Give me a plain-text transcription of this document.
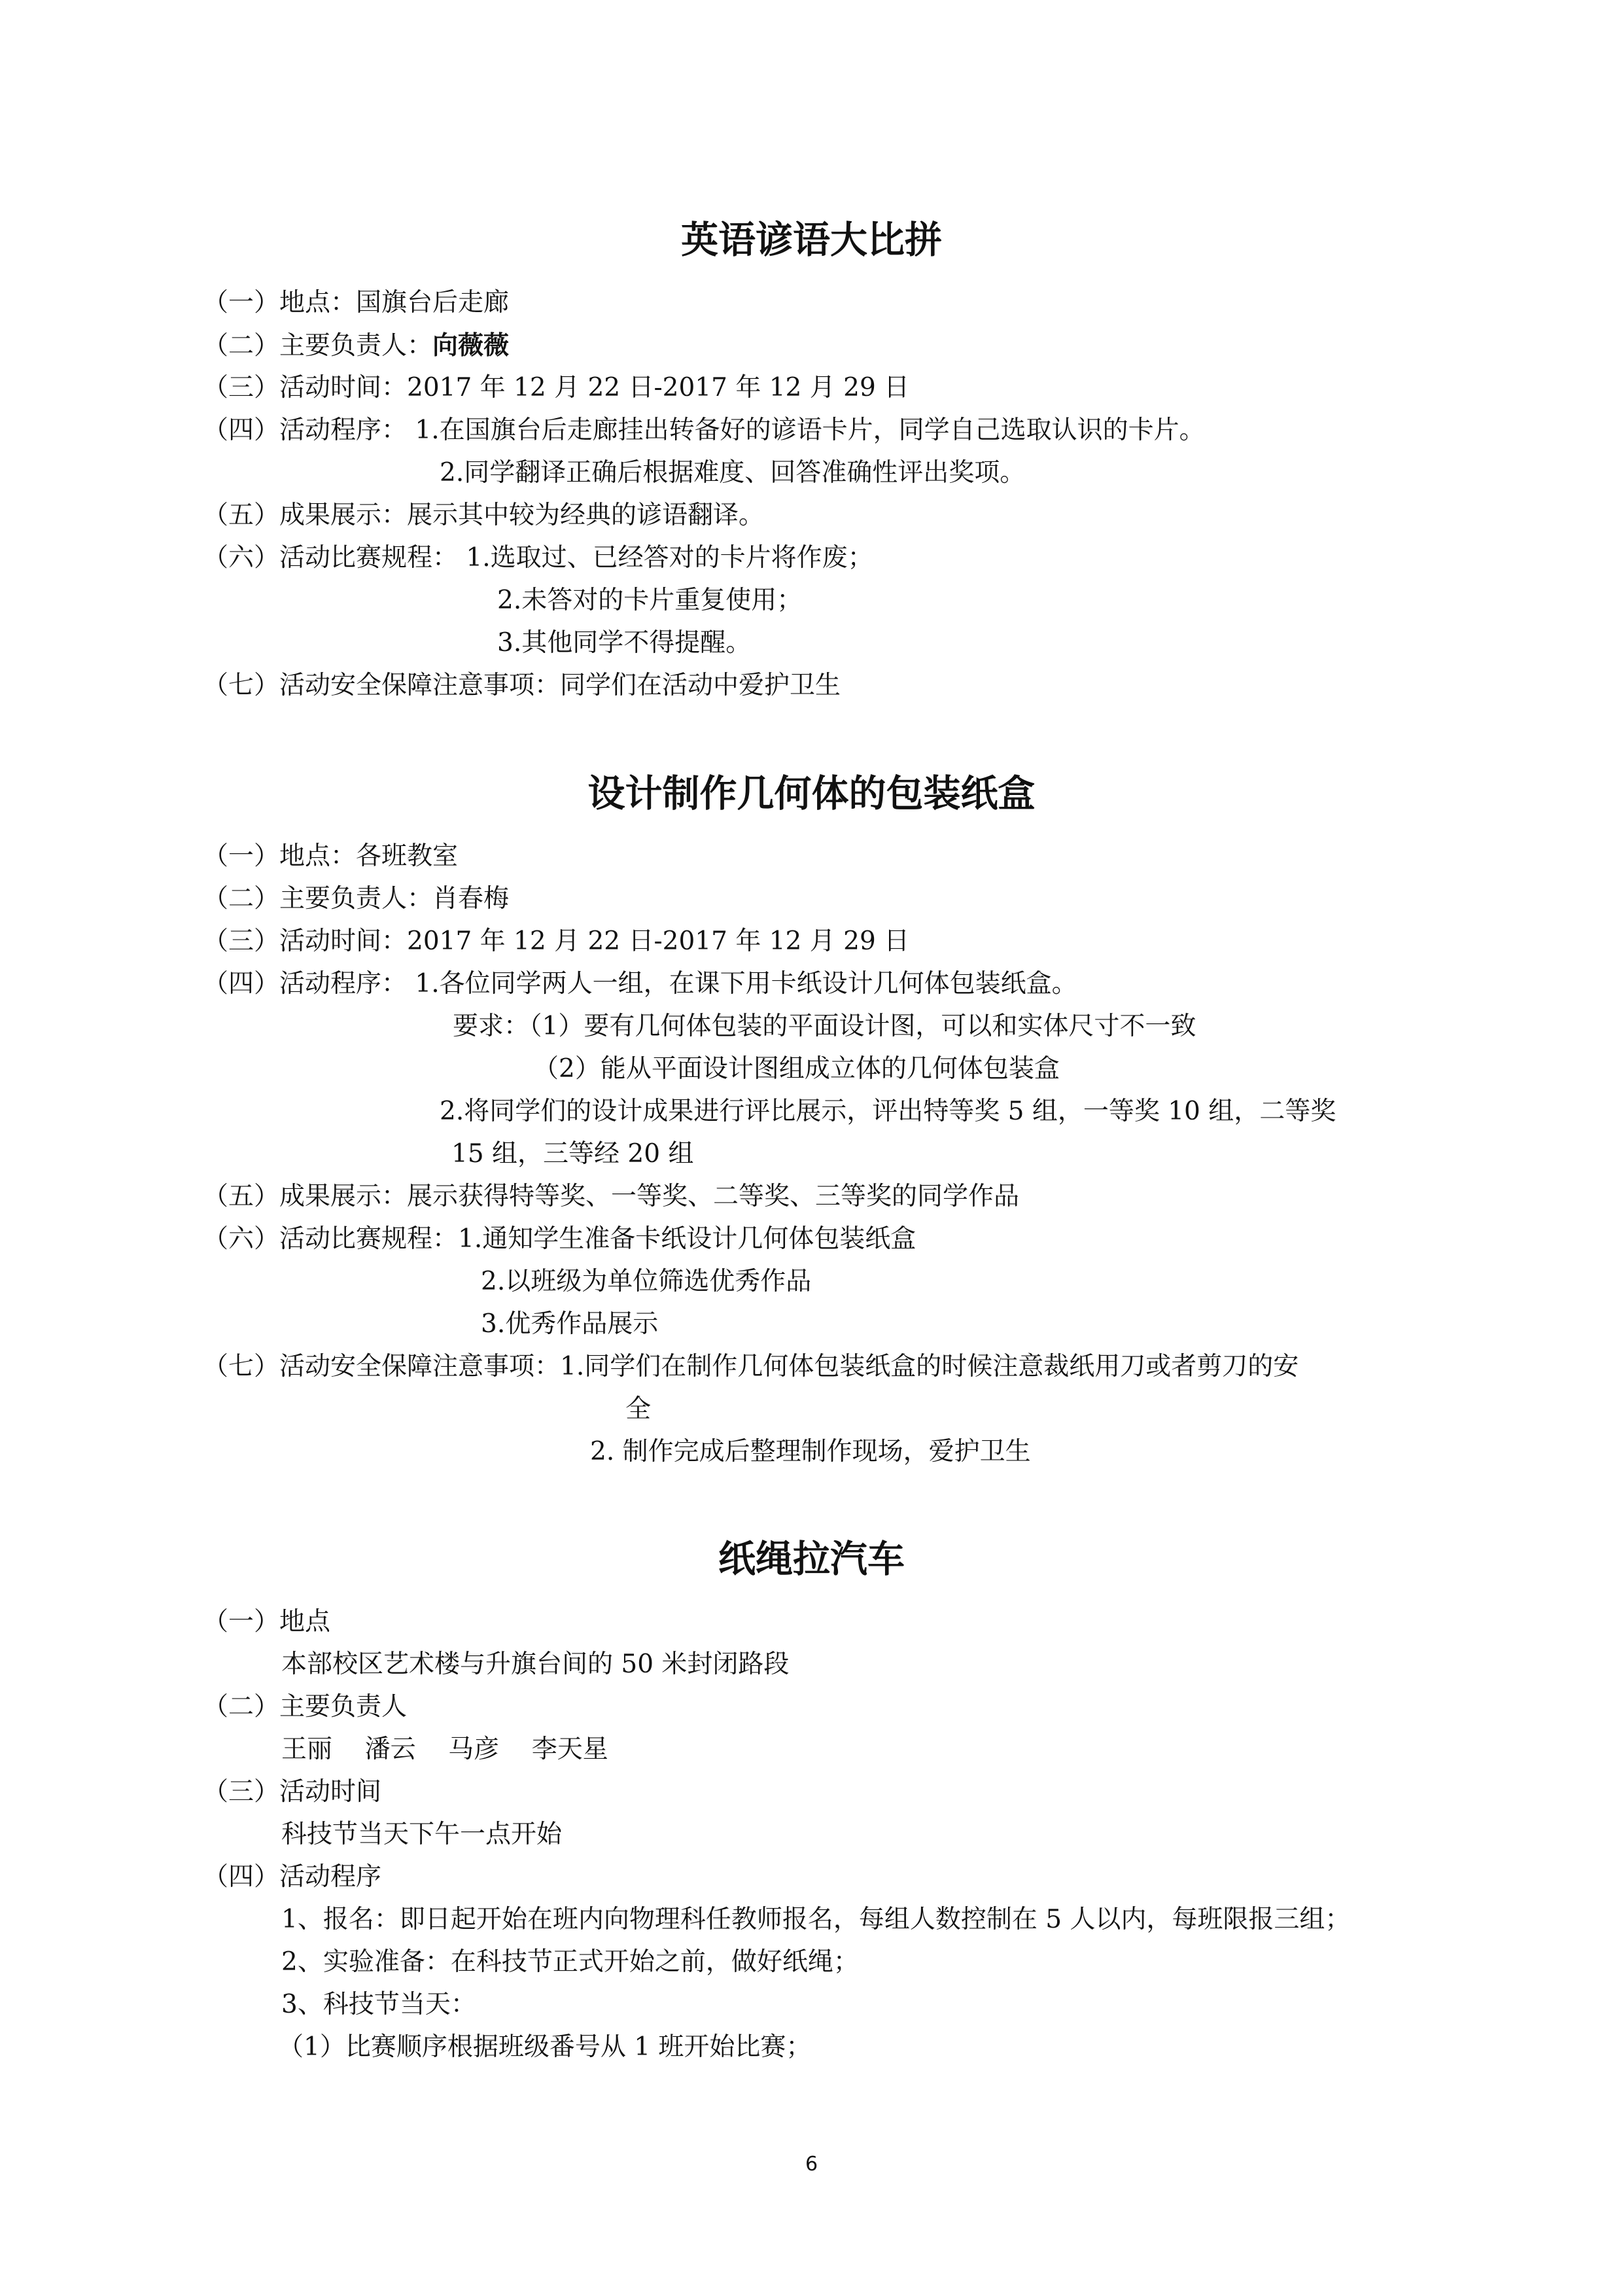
英语谚语大比拼

（一）地点：国旗台后走廊

（二）主要负责人：向薇薇

（三）活动时间：2017 年 12 月 22 日-2017 年 12 月 29 日

（四）活动程序： 1.在国旗台后走廊挂出转备好的谚语卡片，同学自己选取认识的卡片。

2.同学翻译正确后根据难度、回答准确性评出奖项。

（五）成果展示：展示其中较为经典的谚语翻译。

（六）活动比赛规程： 1.选取过、已经答对的卡片将作废；

2.未答对的卡片重复使用；

3.其他同学不得提醒。

（七）活动安全保障注意事项：同学们在活动中爱护卫生

设计制作几何体的包装纸盒

（一）地点：各班教室

（二）主要负责人：肖春梅

（三）活动时间：2017 年 12 月 22 日-2017 年 12 月 29 日

（四）活动程序： 1.各位同学两人一组，在课下用卡纸设计几何体包装纸盒。

要求：（1）要有几何体包装的平面设计图，可以和实体尺寸不一致

（2）能从平面设计图组成立体的几何体包装盒

2.将同学们的设计成果进行评比展示，评出特等奖 5 组，一等奖 10 组，二等奖

15 组，三等经 20 组

（五）成果展示：展示获得特等奖、一等奖、二等奖、三等奖的同学作品

（六）活动比赛规程：1.通知学生准备卡纸设计几何体包装纸盒

2.以班级为单位筛选优秀作品

3.优秀作品展示

（七）活动安全保障注意事项：1.同学们在制作几何体包装纸盒的时候注意裁纸用刀或者剪刀的安

全

2. 制作完成后整理制作现场，爱护卫生

纸绳拉汽车

（一）地点

本部校区艺术楼与升旗台间的 50 米封闭路段

（二）主要负责人

王丽    潘云    马彦    李天星

（三）活动时间

科技节当天下午一点开始

（四）活动程序

1、报名：即日起开始在班内向物理科任教师报名，每组人数控制在 5 人以内，每班限报三组；

2、实验准备：在科技节正式开始之前，做好纸绳；

3、科技节当天：

（1）比赛顺序根据班级番号从 1 班开始比赛；

6
